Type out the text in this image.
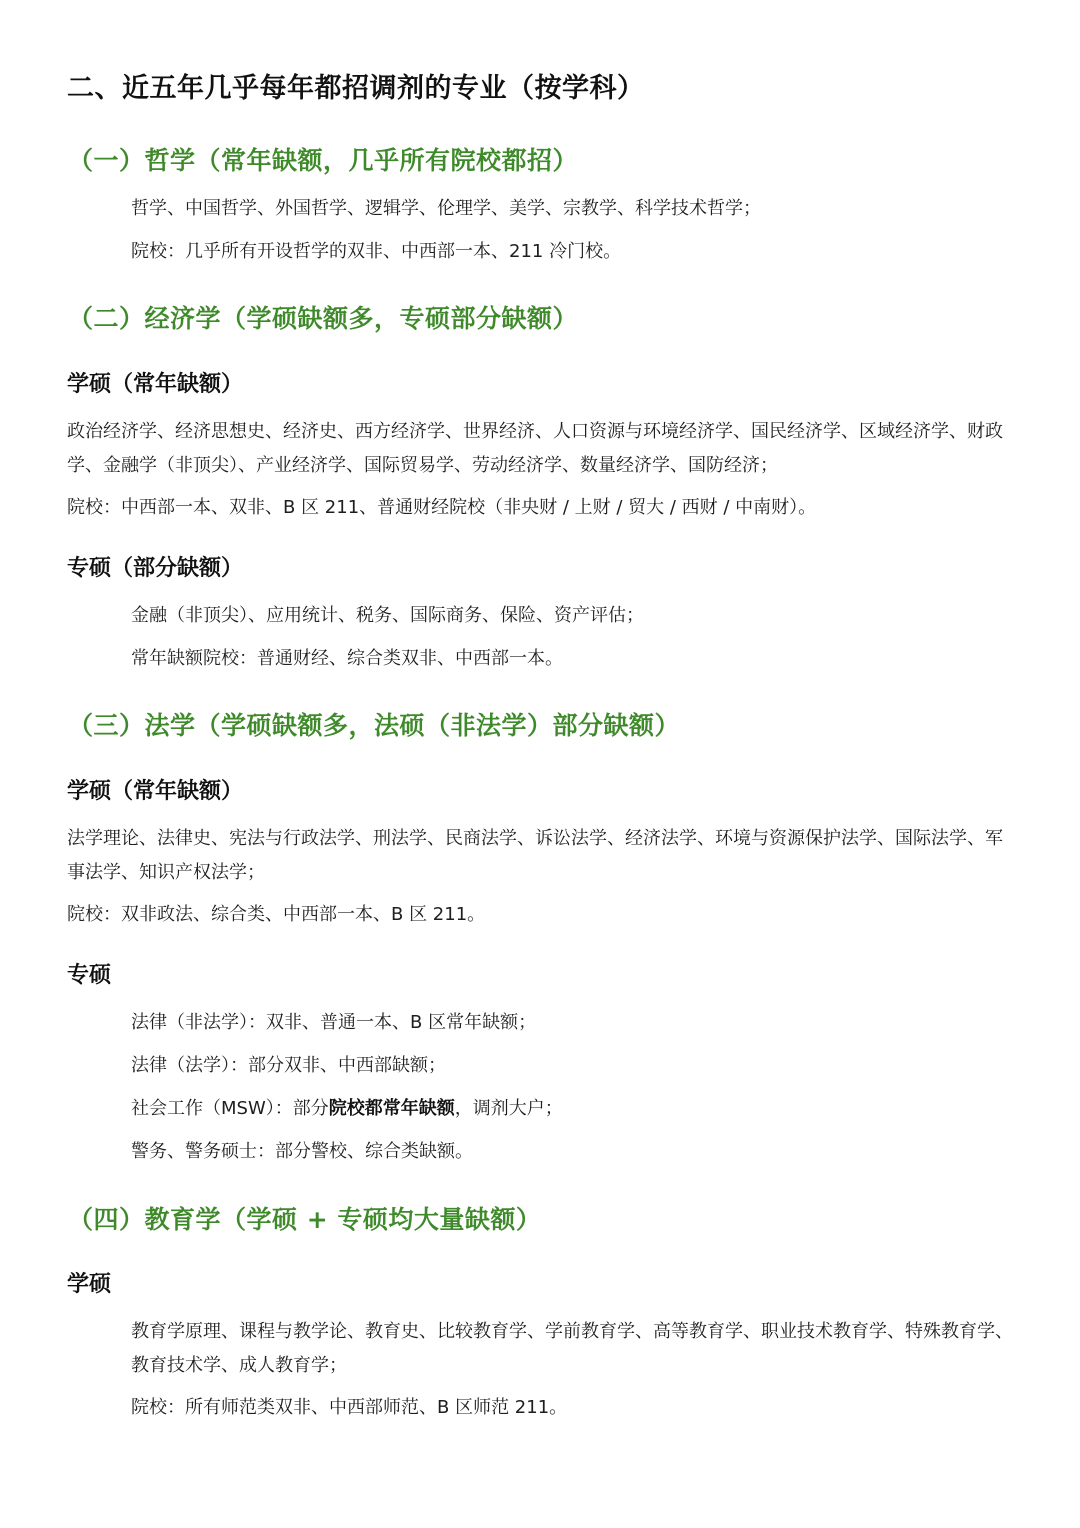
二、近五年几乎每年都招调剂的专业（按学科）
（一）哲学（常年缺额，几乎所有院校都招）
哲学、中国哲学、外国哲学、逻辑学、伦理学、美学、宗教学、科学技术哲学；
院校：几乎所有开设哲学的双非、中西部一本、211 冷门校。
（二）经济学（学硕缺额多，专硕部分缺额）
学硕（常年缺额）
政治经济学、经济思想史、经济史、西方经济学、世界经济、人口资源与环境经济学、国民经济学、区域经济学、财政学、金融学（非顶尖）、产业经济学、国际贸易学、劳动经济学、数量经济学、国防经济；
院校：中西部一本、双非、B 区 211、普通财经院校（非央财 / 上财 / 贸大 / 西财 / 中南财）。
专硕（部分缺额）
金融（非顶尖）、应用统计、税务、国际商务、保险、资产评估；
常年缺额院校：普通财经、综合类双非、中西部一本。
（三）法学（学硕缺额多，法硕（非法学）部分缺额）
学硕（常年缺额）
法学理论、法律史、宪法与行政法学、刑法学、民商法学、诉讼法学、经济法学、环境与资源保护法学、国际法学、军事法学、知识产权法学；
院校：双非政法、综合类、中西部一本、B 区 211。
专硕
法律（非法学）：双非、普通一本、B 区常年缺额；
法律（法学）：部分双非、中西部缺额；
社会工作（MSW）：部分院校都常年缺额，调剂大户；
警务、警务硕士：部分警校、综合类缺额。
（四）教育学（学硕 + 专硕均大量缺额）
学硕
教育学原理、课程与教学论、教育史、比较教育学、学前教育学、高等教育学、职业技术教育学、特殊教育学、教育技术学、成人教育学；
院校：所有师范类双非、中西部师范、B 区师范 211。
